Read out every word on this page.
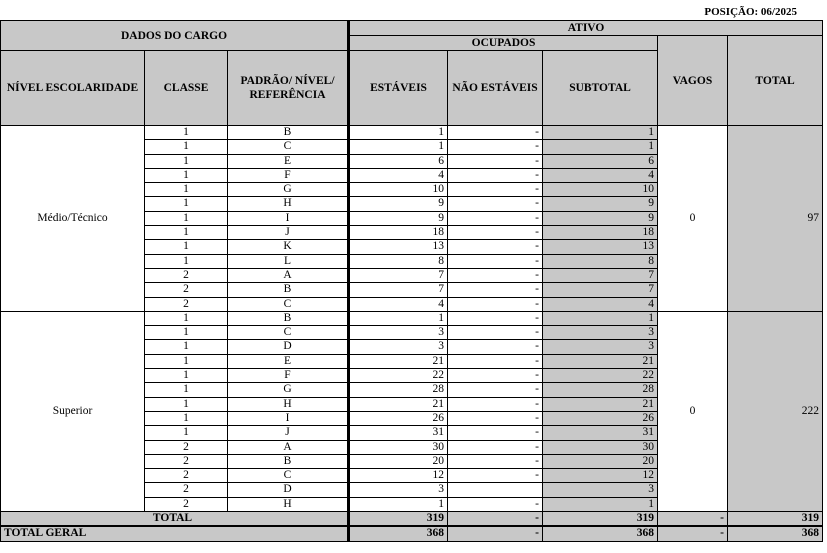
POSIÇÃO: 06/2025
DADOS DO CARGO			ATIVO				
			OCUPADOS			VAGOS	TOTAL
NÍVEL ESCOLARIDADE	CLASSE	PADRÃO/ NÍVEL/ REFERÊNCIA	ESTÁVEIS	NÃO ESTÁVEIS	SUBTOTAL		
Médio/Técnico	1	B	1	-	1	0	97
	1	C	1	-	1		
	1	E	6	-	6		
	1	F	4	-	4		
	1	G	10	-	10		
	1	H	9	-	9		
	1	I	9	-	9		
	1	J	18	-	18		
	1	K	13	-	13		
	1	L	8	-	8		
	2	A	7	-	7		
	2	B	7	-	7		
	2	C	4	-	4		
Superior	1	B	1	-	1	0	222
	1	C	3	-	3		
	1	D	3	-	3		
	1	E	21	-	21		
	1	F	22	-	22		
	1	G	28	-	28		
	1	H	21	-	21		
	1	I	26	-	26		
	1	J	31	-	31		
	2	A	30	-	30		
	2	B	20	-	20		
	2	C	12	-	12		
	2	D	3		3		
	2	H	1	-	1		
TOTAL			319	-	319	-	319
TOTAL GERAL			368	-	368	-	368
